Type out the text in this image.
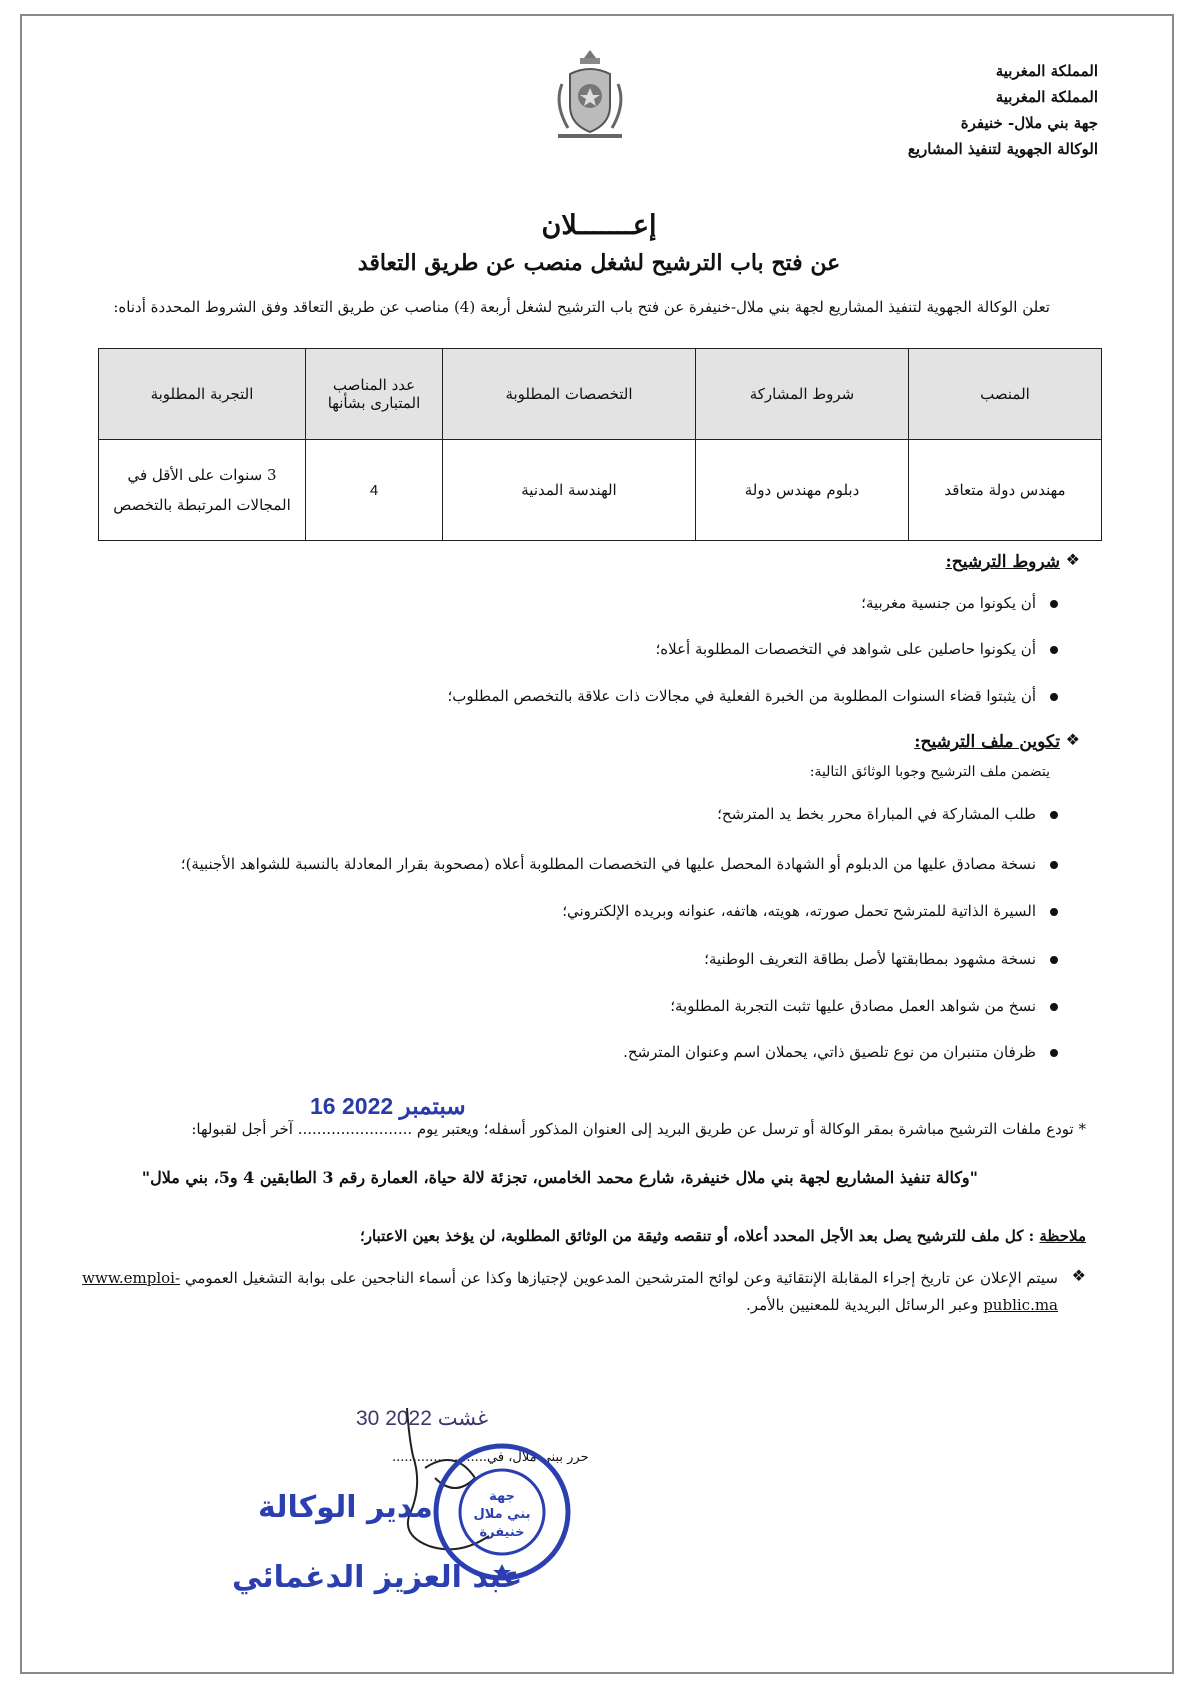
المملكة المغربية
المملكة المغربية
جهة بني ملال- خنيفرة
الوكالة الجهوية لتنفيذ المشاريع
إعـــــــلان
عن فتح باب الترشيح لشغل منصب عن طريق التعاقد
تعلن الوكالة الجهوية لتنفيذ المشاريع لجهة بني ملال-خنيفرة عن فتح باب الترشيح لشغل أربعة (4) مناصب عن طريق التعاقد وفق الشروط المحددة أدناه:
المنصب	شروط المشاركة	التخصصات المطلوبة	عدد المناصب المتبارى بشأنها	التجربة المطلوبة
مهندس دولة متعاقد	دبلوم مهندس دولة	الهندسة المدنية	4	3 سنوات على الأقل في المجالات المرتبطة بالتخصص
❖
شروط الترشيح:
أن يكونوا من جنسية مغربية؛
أن يكونوا حاصلين على شواهد في التخصصات المطلوبة أعلاه؛
أن يثبتوا قضاء السنوات المطلوبة من الخبرة الفعلية في مجالات ذات علاقة بالتخصص المطلوب؛
❖
تكوين ملف الترشيح:
يتضمن ملف الترشيح وجوبا الوثائق التالية:
طلب المشاركة في المباراة محرر بخط يد المترشح؛
نسخة مصادق عليها من الدبلوم أو الشهادة المحصل عليها في التخصصات المطلوبة أعلاه (مصحوبة بقرار المعادلة بالنسبة للشواهد الأجنبية)؛
السيرة الذاتية للمترشح تحمل صورته، هويته، هاتفه، عنوانه وبريده الإلكتروني؛
نسخة مشهود بمطابقتها لأصل بطاقة التعريف الوطنية؛
نسخ من شواهد العمل مصادق عليها تثبت التجربة المطلوبة؛
ظرفان متنبران من نوع تلصيق ذاتي، يحملان اسم وعنوان المترشح.
16 سبتمبر 2022
* تودع ملفات الترشيح مباشرة بمقر الوكالة أو ترسل عن طريق البريد إلى العنوان المذكور أسفله؛ ويعتبر يوم ........................ آخر أجل لقبولها:
"وكالة تنفيذ المشاريع لجهة بني ملال خنيفرة، شارع محمد الخامس، تجزئة لالة حياة، العمارة رقم 3 الطابقين 4 و5، بني ملال"
ملاحظة : كل ملف للترشيح يصل بعد الأجل المحدد أعلاه، أو تنقصه وثيقة من الوثائق المطلوبة، لن يؤخذ بعين الاعتبار؛
❖
سيتم الإعلان عن تاريخ إجراء المقابلة الإنتقائية وعن لوائح المترشحين المدعوين لإجتيازها وكذا عن أسماء الناجحين على بوابة التشغيل العمومي www.emploi-public.ma وعبر الرسائل البريدية للمعنيين بالأمر.
30 غشت 2022
حرر ببني ملال، في.......................
جهة
بني ملال
خنيفرة
مدير الوكالة
عبد العزيز الدغمائي
